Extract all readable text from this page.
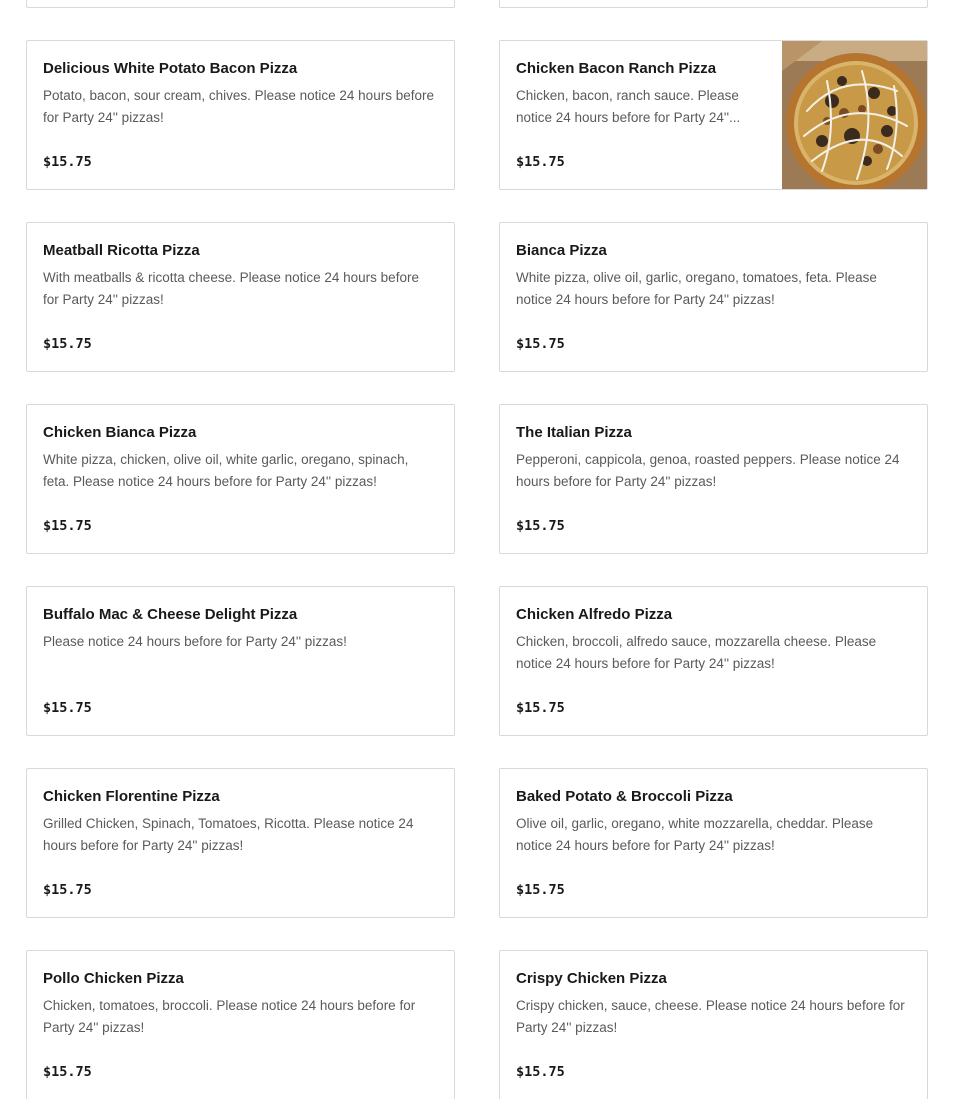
Delicious White Potato Bacon Pizza
Potato, bacon, sour cream, chives. Please notice 24 hours before for Party 24'' pizzas!
$15.75
Chicken Bacon Ranch Pizza
Chicken, bacon, ranch sauce. Please notice 24 hours before for Party 24''...
$15.75
Meatball Ricotta Pizza
With meatballs & ricotta cheese. Please notice 24 hours before for Party 24'' pizzas!
$15.75
Bianca Pizza
White pizza, olive oil, garlic, oregano, tomatoes, feta. Please notice 24 hours before for Party 24'' pizzas!
$15.75
Chicken Bianca Pizza
White pizza, chicken, olive oil, white garlic, oregano, spinach, feta. Please notice 24 hours before for Party 24'' pizzas!
$15.75
The Italian Pizza
Pepperoni, cappicola, genoa, roasted peppers. Please notice 24 hours before for Party 24'' pizzas!
$15.75
Buffalo Mac & Cheese Delight Pizza
Please notice 24 hours before for Party 24'' pizzas!
$15.75
Chicken Alfredo Pizza
Chicken, broccoli, alfredo sauce, mozzarella cheese. Please notice 24 hours before for Party 24'' pizzas!
$15.75
Chicken Florentine Pizza
Grilled Chicken, Spinach, Tomatoes, Ricotta. Please notice 24 hours before for Party 24'' pizzas!
$15.75
Baked Potato & Broccoli Pizza
Olive oil, garlic, oregano, white mozzarella, cheddar. Please notice 24 hours before for Party 24'' pizzas!
$15.75
Pollo Chicken Pizza
Chicken, tomatoes, broccoli. Please notice 24 hours before for Party 24'' pizzas!
$15.75
Crispy Chicken Pizza
Crispy chicken, sauce, cheese. Please notice 24 hours before for Party 24'' pizzas!
$15.75
